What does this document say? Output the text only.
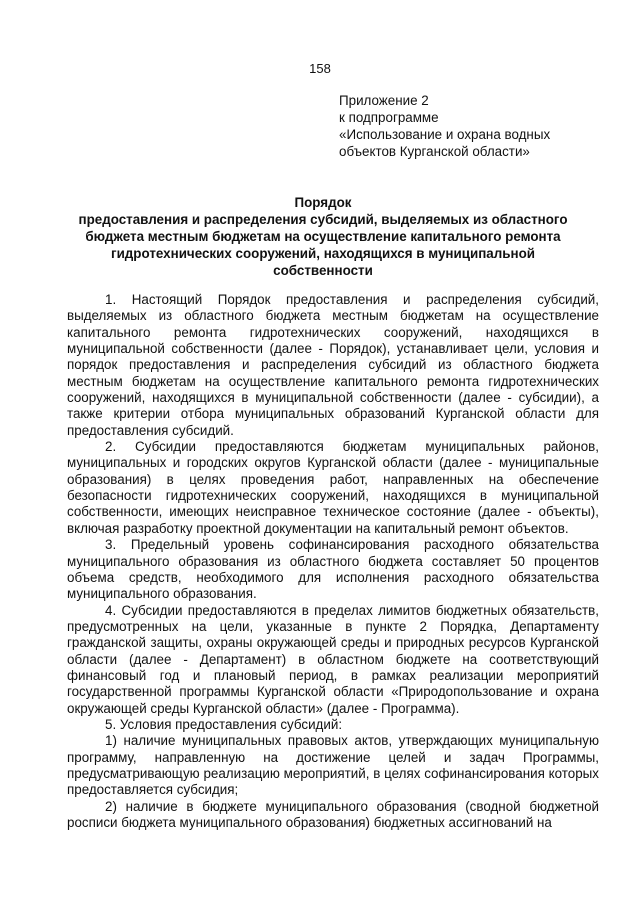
158
Приложение 2
к подпрограмме
«Использование и охрана водных
объектов Курганской области»
Порядок
предоставления и распределения субсидий, выделяемых из областного бюджета местным бюджетам на осуществление капитального ремонта гидротехнических сооружений, находящихся в муниципальной собственности

1. Настоящий Порядок предоставления и распределения субсидий, выделяемых из областного бюджета местным бюджетам на осуществление капитального ремонта гидротехнических сооружений, находящихся в муниципальной собственности (далее - Порядок), устанавливает цели, условия и порядок предоставления и распределения субсидий из областного бюджета местным бюджетам на осуществление капитального ремонта гидротехнических сооружений, находящихся в муниципальной собственности (далее - субсидии), а также критерии отбора муниципальных образований Курганской области для предоставления субсидий.

2. Субсидии предоставляются бюджетам муниципальных районов, муниципальных и городских округов Курганской области (далее - муниципальные образования) в целях проведения работ, направленных на обеспечение безопасности гидротехнических сооружений, находящихся в муниципальной собственности, имеющих неисправное техническое состояние (далее - объекты), включая разработку проектной документации на капитальный ремонт объектов.

3. Предельный уровень софинансирования расходного обязательства муниципального образования из областного бюджета составляет 50 процентов объема средств, необходимого для исполнения расходного обязательства муниципального образования.

4. Субсидии предоставляются в пределах лимитов бюджетных обязательств, предусмотренных на цели, указанные в пункте 2 Порядка, Департаменту гражданской защиты, охраны окружающей среды и природных ресурсов Курганской области (далее - Департамент) в областном бюджете на соответствующий финансовый год и плановый период, в рамках реализации мероприятий государственной программы Курганской области «Природопользование и охрана окружающей среды Курганской области» (далее - Программа).

5. Условия предоставления субсидий:

1) наличие муниципальных правовых актов, утверждающих муниципальную программу, направленную на достижение целей и задач Программы, предусматривающую реализацию мероприятий, в целях софинансирования которых предоставляется субсидия;

2) наличие в бюджете муниципального образования (сводной бюджетной росписи бюджета муниципального образования) бюджетных ассигнований на
